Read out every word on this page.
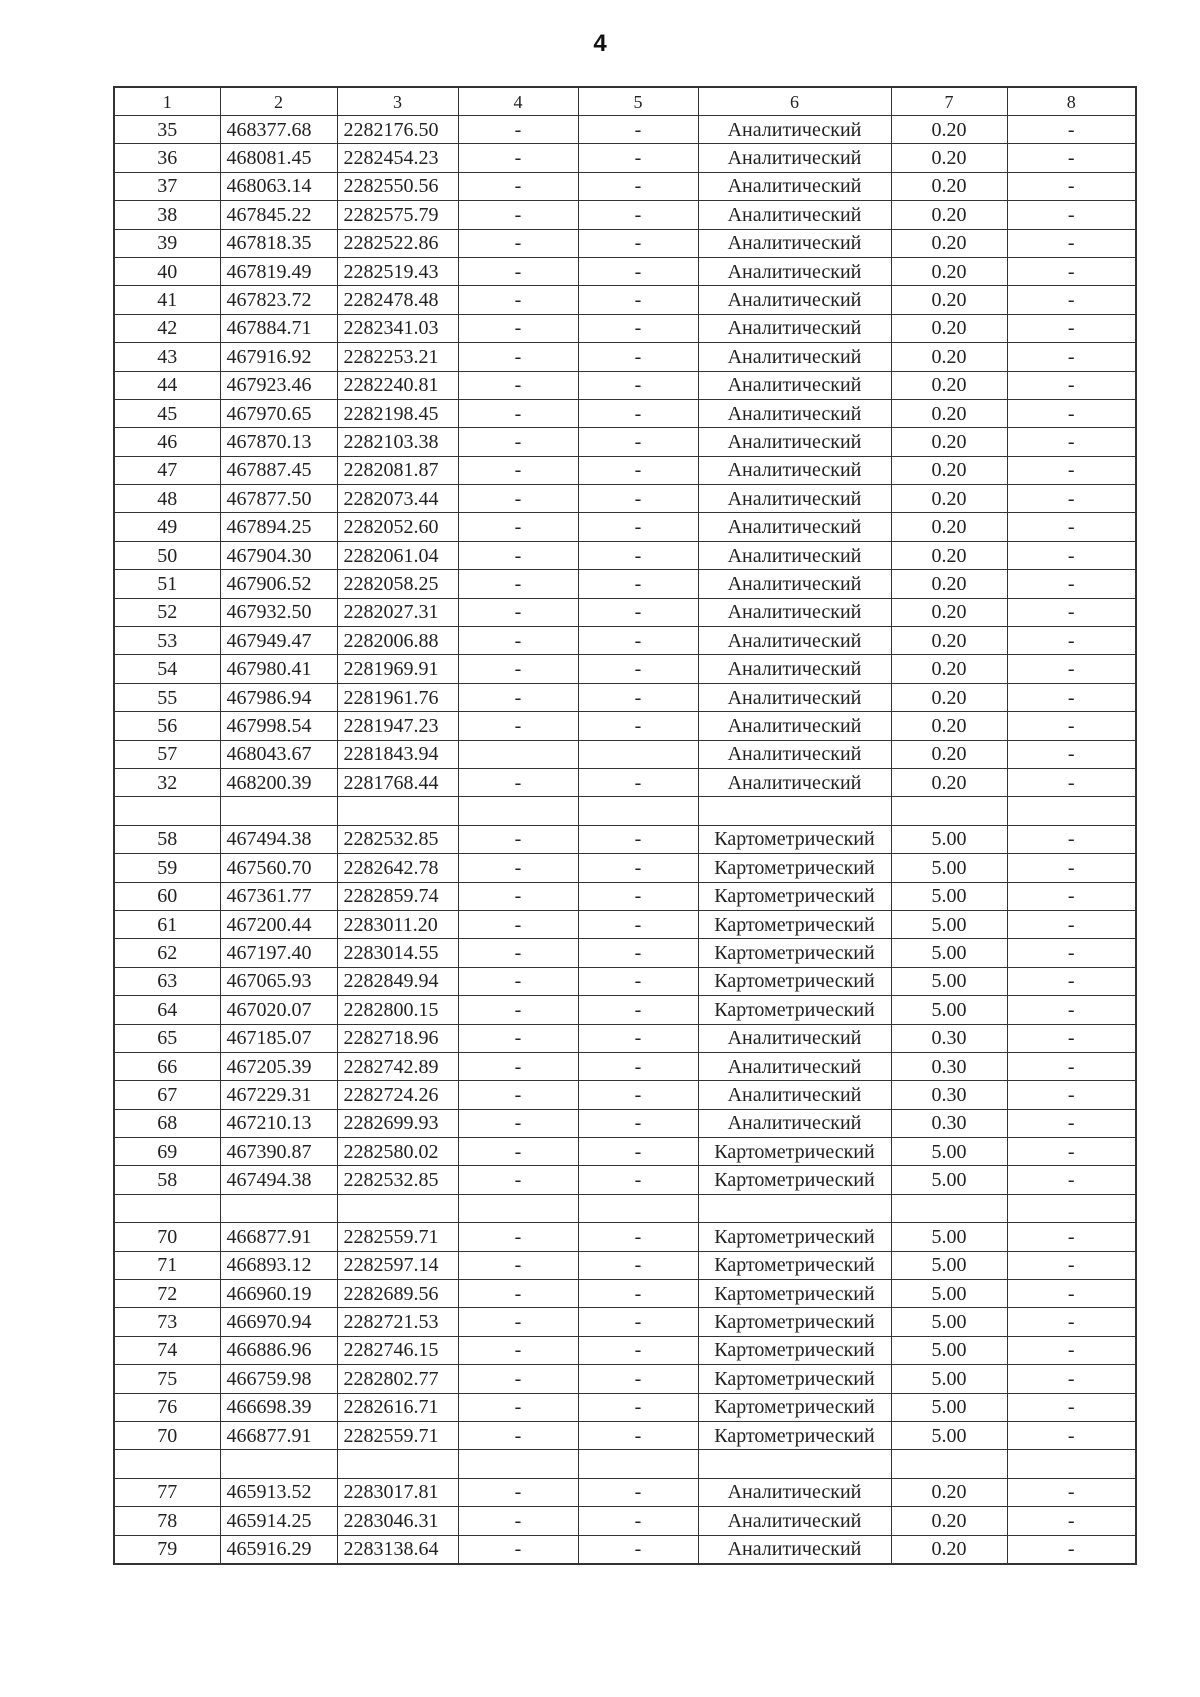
4
1	2	3	4	5	6	7	8
35	468377.68	2282176.50	-	-	Аналитический	0.20	-
36	468081.45	2282454.23	-	-	Аналитический	0.20	-
37	468063.14	2282550.56	-	-	Аналитический	0.20	-
38	467845.22	2282575.79	-	-	Аналитический	0.20	-
39	467818.35	2282522.86	-	-	Аналитический	0.20	-
40	467819.49	2282519.43	-	-	Аналитический	0.20	-
41	467823.72	2282478.48	-	-	Аналитический	0.20	-
42	467884.71	2282341.03	-	-	Аналитический	0.20	-
43	467916.92	2282253.21	-	-	Аналитический	0.20	-
44	467923.46	2282240.81	-	-	Аналитический	0.20	-
45	467970.65	2282198.45	-	-	Аналитический	0.20	-
46	467870.13	2282103.38	-	-	Аналитический	0.20	-
47	467887.45	2282081.87	-	-	Аналитический	0.20	-
48	467877.50	2282073.44	-	-	Аналитический	0.20	-
49	467894.25	2282052.60	-	-	Аналитический	0.20	-
50	467904.30	2282061.04	-	-	Аналитический	0.20	-
51	467906.52	2282058.25	-	-	Аналитический	0.20	-
52	467932.50	2282027.31	-	-	Аналитический	0.20	-
53	467949.47	2282006.88	-	-	Аналитический	0.20	-
54	467980.41	2281969.91	-	-	Аналитический	0.20	-
55	467986.94	2281961.76	-	-	Аналитический	0.20	-
56	467998.54	2281947.23	-	-	Аналитический	0.20	-
57	468043.67	2281843.94			Аналитический	0.20	-
32	468200.39	2281768.44	-	-	Аналитический	0.20	-

58	467494.38	2282532.85	-	-	Картометрический	5.00	-
59	467560.70	2282642.78	-	-	Картометрический	5.00	-
60	467361.77	2282859.74	-	-	Картометрический	5.00	-
61	467200.44	2283011.20	-	-	Картометрический	5.00	-
62	467197.40	2283014.55	-	-	Картометрический	5.00	-
63	467065.93	2282849.94	-	-	Картометрический	5.00	-
64	467020.07	2282800.15	-	-	Картометрический	5.00	-
65	467185.07	2282718.96	-	-	Аналитический	0.30	-
66	467205.39	2282742.89	-	-	Аналитический	0.30	-
67	467229.31	2282724.26	-	-	Аналитический	0.30	-
68	467210.13	2282699.93	-	-	Аналитический	0.30	-
69	467390.87	2282580.02	-	-	Картометрический	5.00	-
58	467494.38	2282532.85	-	-	Картометрический	5.00	-

70	466877.91	2282559.71	-	-	Картометрический	5.00	-
71	466893.12	2282597.14	-	-	Картометрический	5.00	-
72	466960.19	2282689.56	-	-	Картометрический	5.00	-
73	466970.94	2282721.53	-	-	Картометрический	5.00	-
74	466886.96	2282746.15	-	-	Картометрический	5.00	-
75	466759.98	2282802.77	-	-	Картометрический	5.00	-
76	466698.39	2282616.71	-	-	Картометрический	5.00	-
70	466877.91	2282559.71	-	-	Картометрический	5.00	-

77	465913.52	2283017.81	-	-	Аналитический	0.20	-
78	465914.25	2283046.31	-	-	Аналитический	0.20	-
79	465916.29	2283138.64	-	-	Аналитический	0.20	-
